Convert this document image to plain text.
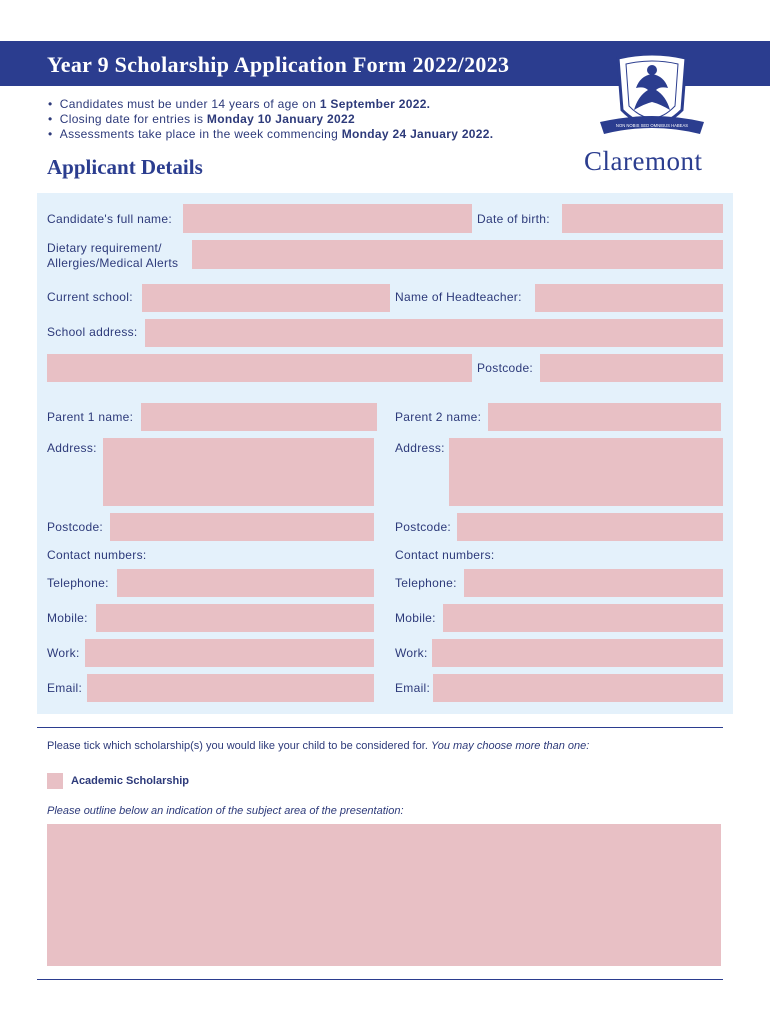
Year 9 Scholarship Application Form 2022/2023
•  Candidates must be under 14 years of age on 1 September 2022.
•  Closing date for entries is Monday 10 January 2022
•  Assessments take place in the week commencing Monday 24 January 2022.
NON NOBIS SED OMNIBUS HABEAS
Claremont
Applicant Details
Candidate's full name:	Date of birth:
Dietary requirement/
Allergies/Medical Alerts
Current school:	Name of Headteacher:
School address:
Postcode:
Parent 1 name:
Address:
Postcode:
Contact numbers:
Telephone:
Mobile:
Work:
Email:
Parent 2 name:
Address:
Postcode:
Contact numbers:
Telephone:
Mobile:
Work:
Email:
Please tick which scholarship(s) you would like your child to be considered for. You may choose more than one:
Academic Scholarship
Please outline below an indication of the subject area of the presentation:
